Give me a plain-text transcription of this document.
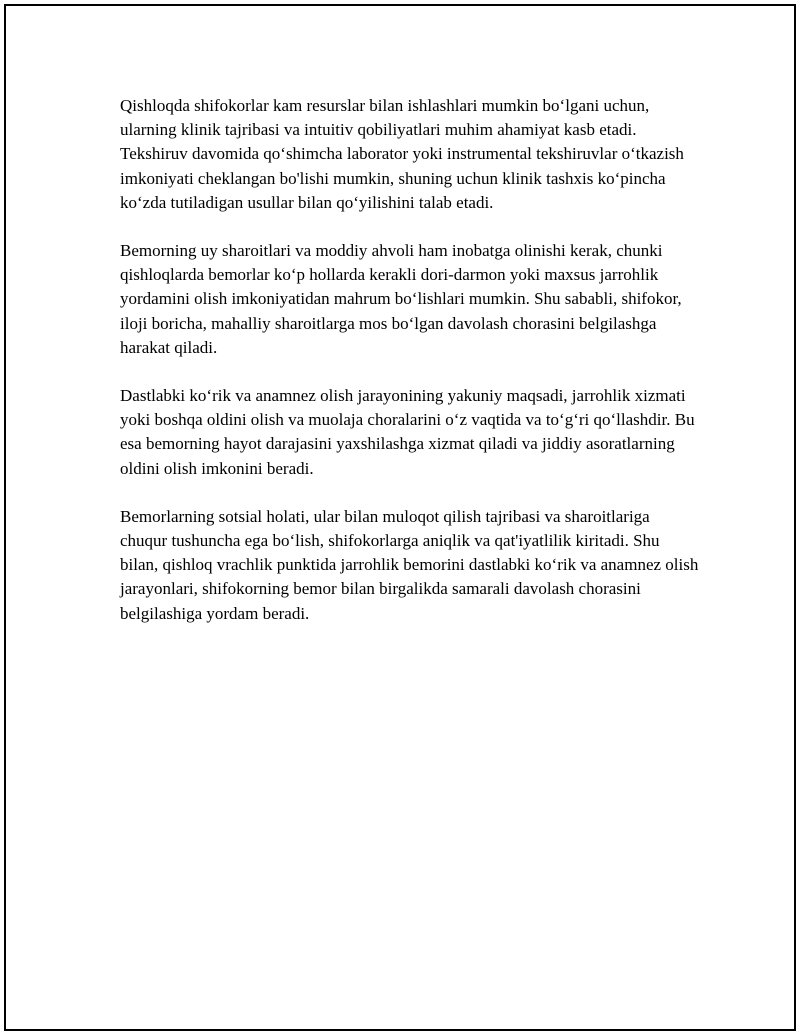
Qishloqda shifokorlar kam resurslar bilan ishlashlari mumkin bo‘lgani uchun, ularning klinik tajribasi va intuitiv qobiliyatlari muhim ahamiyat kasb etadi. Tekshiruv davomida qo‘shimcha laborator yoki instrumental tekshiruvlar o‘tkazish imkoniyati cheklangan bo'lishi mumkin, shuning uchun klinik tashxis ko‘pincha ko‘zda tutiladigan usullar bilan qo‘yilishini talab etadi.

Bemorning uy sharoitlari va moddiy ahvoli ham inobatga olinishi kerak, chunki qishloqlarda bemorlar ko‘p hollarda kerakli dori-darmon yoki maxsus jarrohlik yordamini olish imkoniyatidan mahrum bo‘lishlari mumkin. Shu sababli, shifokor, iloji boricha, mahalliy sharoitlarga mos bo‘lgan davolash chorasini belgilashga harakat qiladi.

Dastlabki ko‘rik va anamnez olish jarayonining yakuniy maqsadi, jarrohlik xizmati yoki boshqa oldini olish va muolaja choralarini o‘z vaqtida va to‘g‘ri qo‘llashdir. Bu esa bemorning hayot darajasini yaxshilashga xizmat qiladi va jiddiy asoratlarning oldini olish imkonini beradi.

Bemorlarning sotsial holati, ular bilan muloqot qilish tajribasi va sharoitlariga chuqur tushuncha ega bo‘lish, shifokorlarga aniqlik va qat'iyatlilik kiritadi. Shu bilan, qishloq vrachlik punktida jarrohlik bemorini dastlabki ko‘rik va anamnez olish jarayonlari, shifokorning bemor bilan birgalikda samarali davolash chorasini belgilashiga yordam beradi.
